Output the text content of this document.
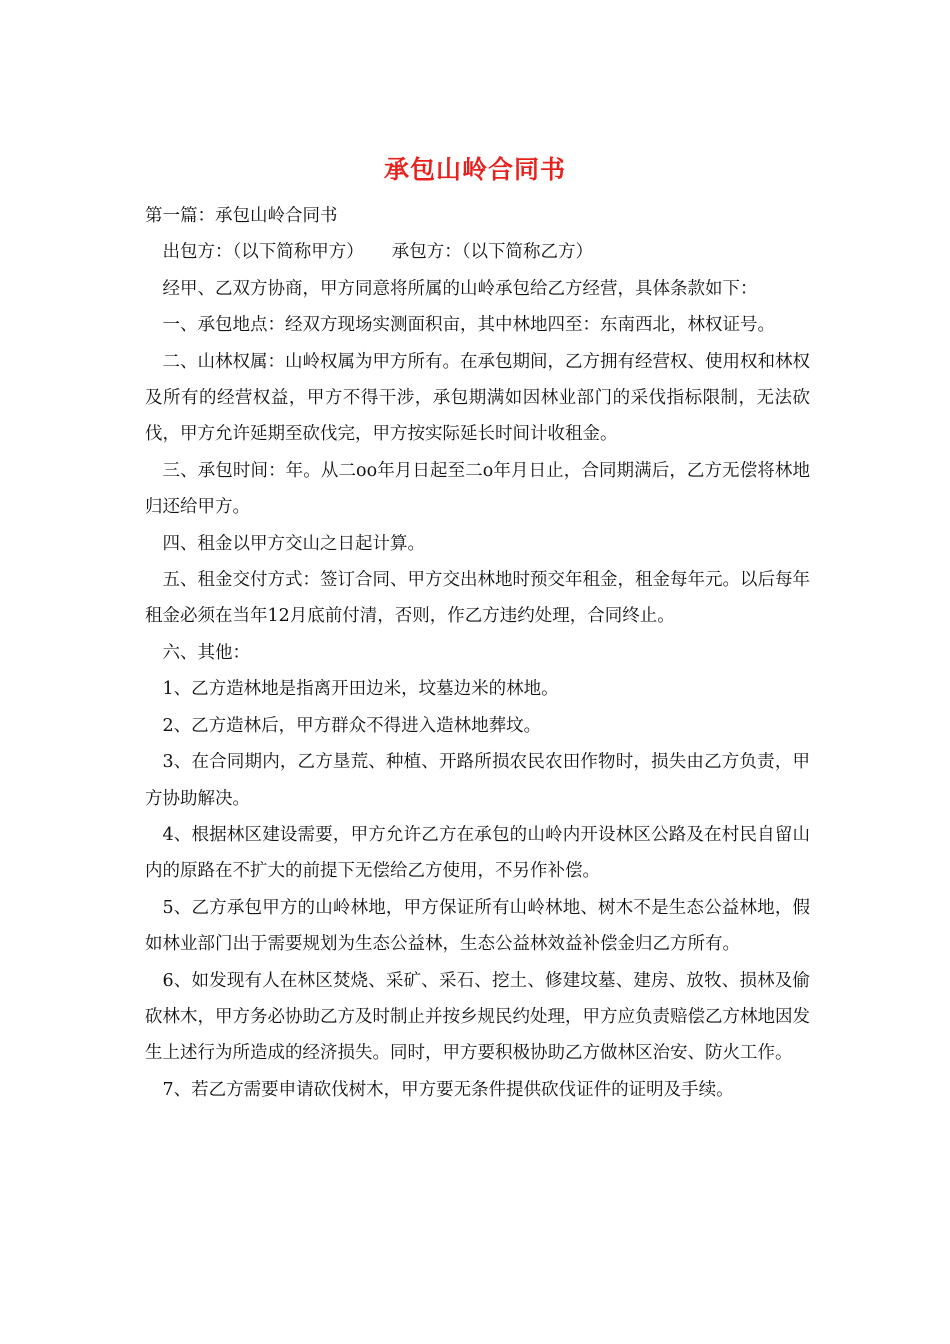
承包山岭合同书

第一篇：承包山岭合同书

出包方：（以下简称甲方） 承包方：（以下简称乙方）

经甲、乙双方协商，甲方同意将所属的山岭承包给乙方经营，具体条款如下：

一、承包地点：经双方现场实测面积亩，其中林地四至：东南西北，林权证号。

二、山林权属：山岭权属为甲方所有。在承包期间，乙方拥有经营权、使用权和林权及所有的经营权益，甲方不得干涉，承包期满如因林业部门的采伐指标限制，无法砍伐，甲方允许延期至砍伐完，甲方按实际延长时间计收租金。

三、承包时间：年。从二oo年月日起至二o年月日止，合同期满后，乙方无偿将林地归还给甲方。

四、租金以甲方交山之日起计算。

五、租金交付方式：签订合同、甲方交出林地时预交年租金，租金每年元。以后每年租金必须在当年12月底前付清，否则，作乙方违约处理，合同终止。

六、其他：

1、乙方造林地是指离开田边米，坟墓边米的林地。

2、乙方造林后，甲方群众不得进入造林地葬坟。

3、在合同期内，乙方垦荒、种植、开路所损农民农田作物时，损失由乙方负责，甲方协助解决。

4、根据林区建设需要，甲方允许乙方在承包的山岭内开设林区公路及在村民自留山内的原路在不扩大的前提下无偿给乙方使用，不另作补偿。

5、乙方承包甲方的山岭林地，甲方保证所有山岭林地、树木不是生态公益林地，假如林业部门出于需要规划为生态公益林，生态公益林效益补偿金归乙方所有。

6、如发现有人在林区焚烧、采矿、采石、挖土、修建坟墓、建房、放牧、损林及偷砍林木，甲方务必协助乙方及时制止并按乡规民约处理，甲方应负责赔偿乙方林地因发生上述行为所造成的经济损失。同时，甲方要积极协助乙方做林区治安、防火工作。

7、若乙方需要申请砍伐树木，甲方要无条件提供砍伐证件的证明及手续。
